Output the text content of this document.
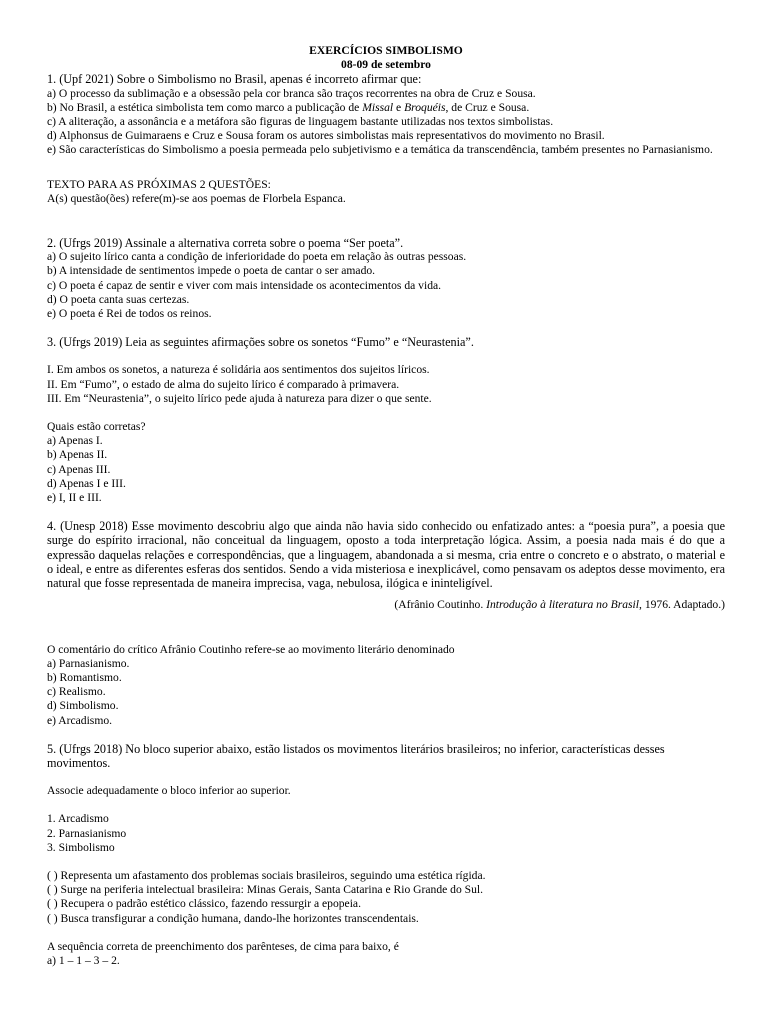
EXERCÍCIOS SIMBOLISMO
08-09 de setembro
1. (Upf 2021) Sobre o Simbolismo no Brasil, apenas é incorreto afirmar que:
a) O processo da sublimação e a obsessão pela cor branca são traços recorrentes na obra de Cruz e Sousa.
b) No Brasil, a estética simbolista tem como marco a publicação de Missal e Broquéis, de Cruz e Sousa.
c) A aliteração, a assonância e a metáfora são figuras de linguagem bastante utilizadas nos textos simbolistas.
d) Alphonsus de Guimaraens e Cruz e Sousa foram os autores simbolistas mais representativos do movimento no Brasil.
e) São características do Simbolismo a poesia permeada pelo subjetivismo e a temática da transcendência, também presentes no Parnasianismo.
TEXTO PARA AS PRÓXIMAS 2 QUESTÕES:
A(s) questão(ões) refere(m)-se aos poemas de Florbela Espanca.
2. (Ufrgs 2019) Assinale a alternativa correta sobre o poema “Ser poeta”.
a) O sujeito lírico canta a condição de inferioridade do poeta em relação às outras pessoas.
b) A intensidade de sentimentos impede o poeta de cantar o ser amado.
c) O poeta é capaz de sentir e viver com mais intensidade os acontecimentos da vida.
d) O poeta canta suas certezas.
e) O poeta é Rei de todos os reinos.
3. (Ufrgs 2019) Leia as seguintes afirmações sobre os sonetos “Fumo” e “Neurastenia”.
I. Em ambos os sonetos, a natureza é solidária aos sentimentos dos sujeitos líricos.
II. Em “Fumo”, o estado de alma do sujeito lírico é comparado à primavera.
III. Em “Neurastenia”, o sujeito lírico pede ajuda à natureza para dizer o que sente.
Quais estão corretas?
a) Apenas I.
b) Apenas II.
c) Apenas III.
d) Apenas I e III.
e) I, II e III.
4. (Unesp 2018) Esse movimento descobriu algo que ainda não havia sido conhecido ou enfatizado antes: a “poesia pura”, a poesia que surge do espírito irracional, não conceitual da linguagem, oposto a toda interpretação lógica. Assim, a poesia nada mais é do que a expressão daquelas relações e correspondências, que a linguagem, abandonada a si mesma, cria entre o concreto e o abstrato, o material e o ideal, e entre as diferentes esferas dos sentidos. Sendo a vida misteriosa e inexplicável, como pensavam os adeptos desse movimento, era natural que fosse representada de maneira imprecisa, vaga, nebulosa, ilógica e ininteligível.
(Afrânio Coutinho. Introdução à literatura no Brasil, 1976. Adaptado.)
O comentário do crítico Afrânio Coutinho refere-se ao movimento literário denominado
a) Parnasianismo.
b) Romantismo.
c) Realismo.
d) Simbolismo.
e) Arcadismo.
5. (Ufrgs 2018) No bloco superior abaixo, estão listados os movimentos literários brasileiros; no inferior, características desses movimentos.
Associe adequadamente o bloco inferior ao superior.
1. Arcadismo
2. Parnasianismo
3. Simbolismo
( ) Representa um afastamento dos problemas sociais brasileiros, seguindo uma estética rígida.
( ) Surge na periferia intelectual brasileira: Minas Gerais, Santa Catarina e Rio Grande do Sul.
( ) Recupera o padrão estético clássico, fazendo ressurgir a epopeia.
( ) Busca transfigurar a condição humana, dando-lhe horizontes transcendentais.
A sequência correta de preenchimento dos parênteses, de cima para baixo, é
a) 1 – 1 – 3 – 2.
